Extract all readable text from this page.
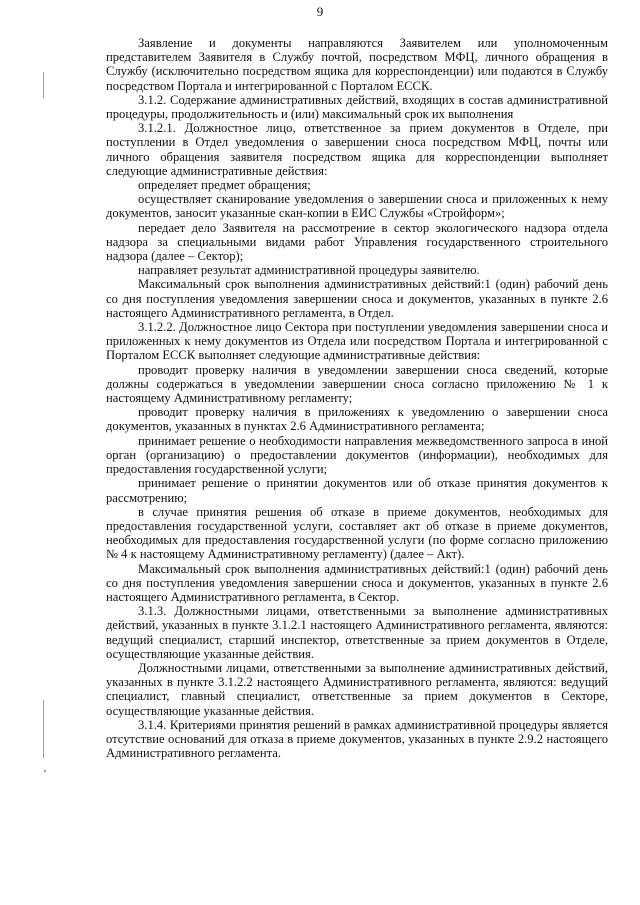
9

Заявление и документы направляются Заявителем или уполномоченным представителем Заявителя в Службу почтой, посредством МФЦ, личного обращения в Службу (исключительно посредством ящика для корреспонденции) или подаются в Службу посредством Портала и интегрированной с Порталом ЕССК.

3.1.2. Содержание административных действий, входящих в состав административной процедуры, продолжительность и (или) максимальный срок их выполнения

3.1.2.1. Должностное лицо, ответственное за прием документов в Отделе, при поступлении в Отдел уведомления о завершении сноса посредством МФЦ, почты или личного обращения заявителя посредством ящика для корреспонденции выполняет следующие административные действия:

определяет предмет обращения;

осуществляет сканирование уведомления о завершении сноса и приложенных к нему документов, заносит указанные скан-копии в ЕИС Службы «Стройформ»;

передает дело Заявителя на рассмотрение в сектор экологического надзора отдела надзора за специальными видами работ Управления государственного строительного надзора (далее – Сектор);

направляет результат административной процедуры заявителю.

Максимальный срок выполнения административных действий:1 (один) рабочий день со дня поступления уведомления завершении сноса и документов, указанных в пункте 2.6 настоящего Административного регламента, в Отдел.

3.1.2.2. Должностное лицо Сектора при поступлении уведомления завершении сноса и приложенных к нему документов из Отдела или посредством Портала и интегрированной с Порталом ЕССК выполняет следующие административные действия:

проводит проверку наличия в уведомлении завершении сноса сведений, которые должны содержаться в уведомлении завершении сноса согласно приложению № 1 к настоящему Административному регламенту;

проводит проверку наличия в приложениях к уведомлению о завершении сноса документов, указанных в пунктах 2.6 Административного регламента;

принимает решение о необходимости направления межведомственного запроса в иной орган (организацию) о предоставлении документов (информации), необходимых для предоставления государственной услуги;

принимает решение о принятии документов или об отказе принятия документов к рассмотрению;

в случае принятия решения об отказе в приеме документов, необходимых для предоставления государственной услуги, составляет акт об отказе в приеме документов, необходимых для предоставления государственной услуги (по форме согласно приложению № 4 к настоящему Административному регламенту) (далее – Акт).

Максимальный срок выполнения административных действий:1 (один) рабочий день со дня поступления уведомления завершении сноса и документов, указанных в пункте 2.6 настоящего Административного регламента, в Сектор.

3.1.3. Должностными лицами, ответственными за выполнение административных действий, указанных в пункте 3.1.2.1 настоящего Административного регламента, являются: ведущий специалист, старший инспектор, ответственные за прием документов в Отделе, осуществляющие указанные действия.

Должностными лицами, ответственными за выполнение административных действий, указанных в пункте 3.1.2.2 настоящего Административного регламента, являются: ведущий специалист, главный специалист, ответственные за прием документов в Секторе, осуществляющие указанные действия.

3.1.4. Критериями принятия решений в рамках административной процедуры является отсутствие оснований для отказа в приеме документов, указанных в пункте 2.9.2 настоящего Административного регламента.
